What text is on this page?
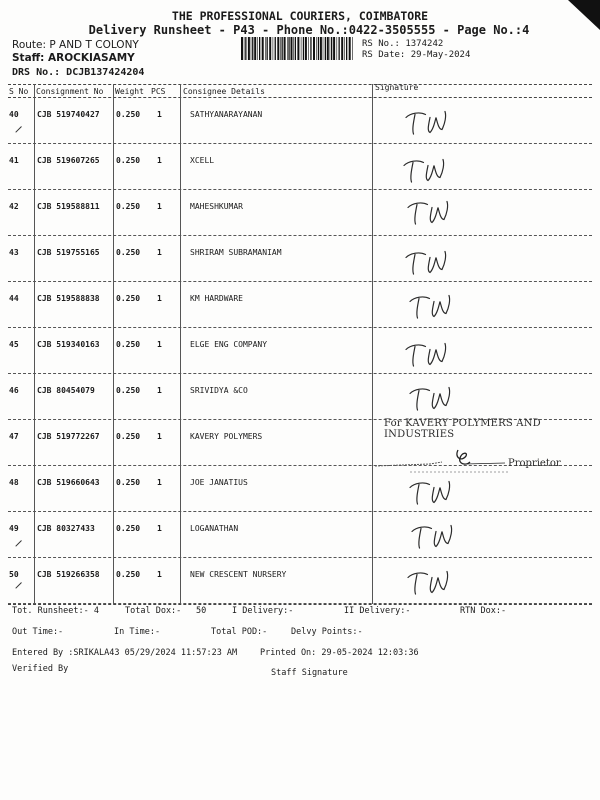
THE PROFESSIONAL COURIERS, COIMBATORE
Delivery Runsheet - P43 - Phone No.:0422-3505555 - Page No.:4
Route: P AND T COLONY
Staff: AROCKIASAMY
DRS No.: DCJB137424204
RS No.: 1374242
RS Date: 29-May-2024
S No Consignment No Weight PCS Consignee Details	Signature
40 CJB 519740427 0.250 1	SATHYANARAYANAN
41 CJB 519607265 0.250 1	XCELL
42 CJB 519588811 0.250 1	MAHESHKUMAR
43 CJB 519755165 0.250 1	SHRIRAM SUBRAMANIAM
44 CJB 519588838 0.250 1	KM HARDWARE
45 CJB 519340163 0.250 1	ELGE ENG COMPANY
46 CJB 80454079	0.250 1	SRIVIDYA &CO
47 CJB 519772267 0.250 1	KAVERY POLYMERS
48 CJB 519660643 0.250 1	JOE JANATIUS
49 CJB 80327433	0.250 1	LOGANATHAN
50 CJB 519266358 0.250 1	NEW CRESCENT NURSERY
For KAVERY POLYMERS AND INDUSTRIES
Proprietor
Tot. Runsheet:- 4	Total Dox:- 50	I Delivery:-	II Delivery:-	RTN Dox:-
Out Time:-	In Time:-	Total POD:-	Delvy Points:-
Entered By :SRIKALA43 05/29/2024 11:57:23 AM	Printed On: 29-05-2024 12:03:36
Verified By	Staff Signature
